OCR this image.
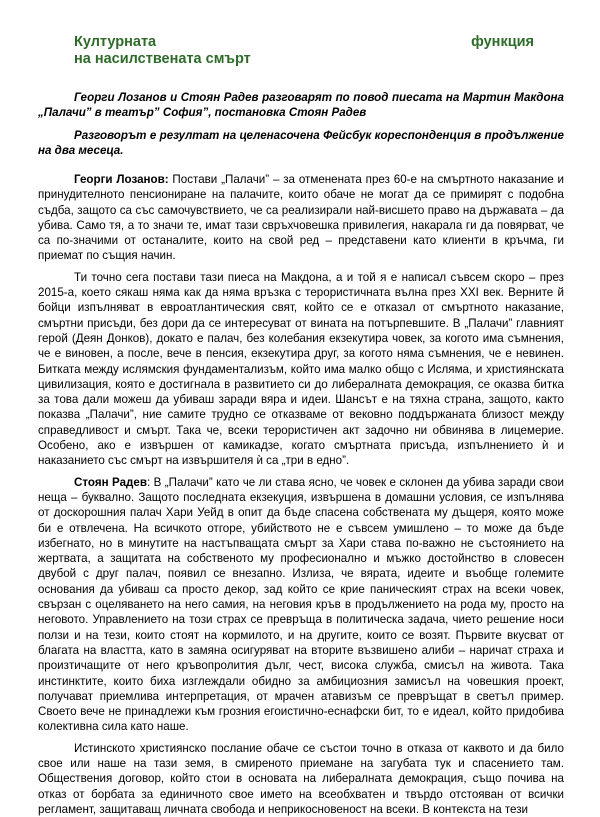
Културната	функция
на насилствената смърт

Георги Лозанов и Стоян Радев разговарят по повод пиесата на Мартин Макдона „Палачи” в театър” София”, постановка Стоян Радев

Разговорът е резултат на целенасочена Фейсбук кореспонденция в продължение на два месеца.

Георги Лозанов: Постави „Палачи” – за отменената през 60-е на смъртното наказание и принудителното пенсиониране на палачите, които обаче не могат да се примирят с подобна съдба, защото са със самочувствието, че са реализирали най-висшето право на държавата – да убива. Само тя, а то значи те, имат тази свръхчовешка привилегия, накарала ги да повярват, че са по-значими от останалите, които на свой ред – представени като клиенти в кръчма, ги приемат по същия начин.

Ти точно сега постави тази пиеса на Макдона, а и той я е написал съвсем скоро – през 2015-а, което сякаш няма как да няма връзка с терористичната вълна през XXI век. Верните й бойци изпълняват в евроатлантическия свят, който се е отказал от смъртното наказание, смъртни присъди, без дори да се интересуват от вината на потърпевшите. В „Палачи” главният герой (Деян Донков), докато е палач, без колебания екзекутира човек, за когото има съмнения, че е виновен, а после, вече в пенсия, екзекутира друг, за когото няма съмнения, че е невинен. Битката между ислямския фундаментализъм, който има малко общо с Исляма, и християнската цивилизация, която е достигнала в развитието си до либералната демокрация, се оказва битка за това дали можеш да убиваш заради вяра и идеи. Шансът е на тяхна страна, защото, както показва „Палачи”, ние самите трудно се отказваме от вековно поддържаната близост между справедливост и смърт. Така че, всеки терористичен акт задочно ни обвинява в лицемерие. Особено, ако е извършен от камикадзе, когато смъртната присъда, изпълнението ѝ и наказанието със смърт на извършителя ѝ са „три в едно”.

Стоян Радев: В „Палачи” като че ли става ясно, че човек е склонен да убива заради свои неща – буквално. Защото последната екзекуция, извършена в домашни условия, се изпълнява от доскорошния палач Хари Уейд в опит да бъде спасена собствената му дъщеря, която може би е отвлечена. На всичкото отгоре, убийството не е съвсем умишлено – то може да бъде избегнато, но в минутите на настъпващата смърт за Хари става по-важно не състоянието на жертвата, а защитата на собственото му професионално и мъжко достойнство в словесен двубой с друг палач, появил се внезапно. Излиза, че вярата, идеите и въобще големите основания да убиваш са просто декор, зад който се крие паническият страх на всеки човек, свързан с оцеляването на него самия, на неговия кръв в продължението на рода му, просто на неговото. Управлението на този страх се превръща в политическа задача, чието решение носи ползи и на тези, които стоят на кормилото, и на другите, които се возят. Първите вкусват от благата на властта, като в замяна осигуряват на вторите възвишено алиби – наричат страха и произтичащите от него кръвопролития дълг, чест, висока служба, смисъл на живота. Така инстинктите, които биха изглеждали обидно за амбициозния замисъл на човешкия проект, получават приемлива интерпретация, от мрачен атавизъм се превръщат в светъл пример. Своето вече не принадлежи към грозния егоистично-еснафски бит, то е идеал, който придобива колективна сила като наше.

Истинското християнско послание обаче се състои точно в отказа от каквото и да било свое или наше на тази земя, в смиреното приемане на загубата тук и спасението там. Обществения договор, който стои в основата на либералната демокрация, също почива на отказ от борбата за единичното свое името на всеобхватен и твърдо отстояван от всички регламент, защитаващ личната свобода и неприкосновеност на всеки. В контекста на тези
